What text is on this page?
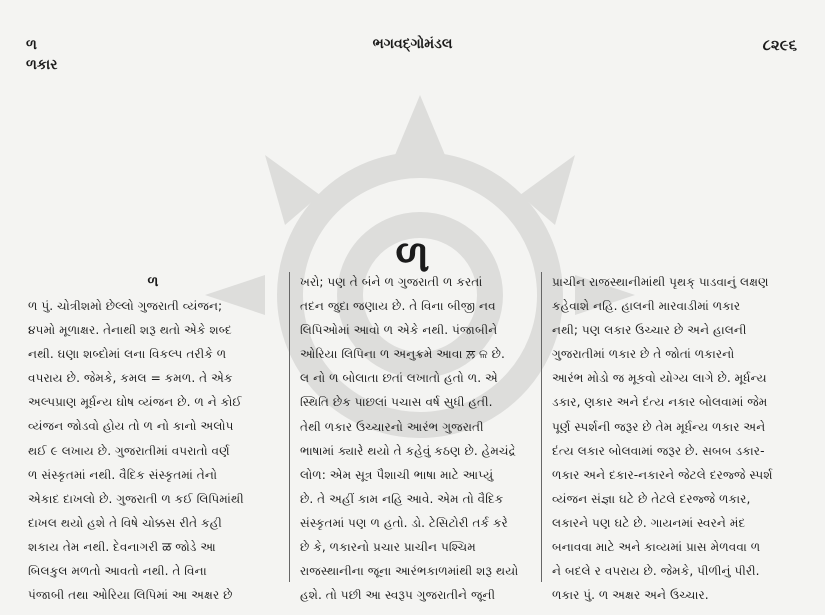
ળ
ળકાર
ભગવદ્ગોમંડલ	૮૨૯૬
ળ
ળ
ળ પું. ચોત્રીશમો છેલ્લો ગુજરાતી વ્યંજન;
૪૫મો મૂળાક્ષર. તેનાથી શરૂ થતો એકે શબ્દ
નથી. ઘણા શબ્દોમાં લના વિકલ્પ તરીકે ળ
વપરાય છે. જેમકે, કમલ = કમળ. તે એક
અલ્પપ્રાણ મૂર્ધન્ય ઘોષ વ્યંજન છે. ળ ને કોઈ
વ્યંજન જોડવો હોય તો ળ નો કાનો અલોપ
થઈ ૯ લખાય છે. ગુજરાતીમાં વપરાતો વર્ણ
ળ સંસ્કૃતમાં નથી. વૈદિક સંસ્કૃતમાં તેનો
એકાદ દાખલો છે. ગુજરાતી ળ કઈ લિપિમાંથી
દાખલ થયો હશે તે વિષે ચોક્કસ રીતે કહી
શકાય તેમ નથી. દેવનાગરી ळ જોડે આ
બિલકુલ મળતો આવતો નથી. તે વિના
પંજાબી તથા ઓરિયા લિપિમાં આ અક્ષર છે
ખરો; પણ તે બંને ળ ગુજરાતી ળ કરતાં
તદન જુદા જણાય છે. તે વિના બીજી નવ
લિપિઓમાં આવો ળ એકે નથી. પંજાબીને
ઓરિયા લિપિના ળ અનુક્રમે આવા ਲ਼ ଳ છે.
લ નો ળ બોલાતા છતાં લખાતો હતો ળ. એ
સ્થિતિ છેક પાછલાં પચાસ વર્ષ સુધી હતી.
તેથી ળકાર ઉચ્ચારનો આરંભ ગુજરાતી
ભાષામાં ક્યારે થયો તે કહેવું કઠણ છે. હેમચંદ્રે
લોળ: એમ સૂત્ર પૈશાચી ભાષા માટે આપ્યું
છે. તે અહીં કામ નહિ આવે. એમ તો વૈદિક
સંસ્કૃતમાં પણ ળ હતો. ડો. ટેસિટોરી તર્ક કરે
છે કે, ળકારનો પ્રચાર પ્રાચીન પશ્ચિમ
રાજસ્થાનીના જૂના આરંભકાળમાંથી શરૂ થયો
હશે. તો પછી આ સ્વરૂપ ગુજરાતીને જૂની
પ્રાચીન રાજસ્થાનીમાંથી પૃથક્ પાડવાનું લક્ષણ
કહેવાશે નહિ. હાલની મારવાડીમાં ળકાર
નથી; પણ લકાર ઉચ્ચાર છે અને હાલની
ગુજરાતીમાં ળકાર છે તે જોતાં ળકારનો
આરંભ મોડો જ મૂકવો યોગ્ય લાગે છે. મૂર્ધન્ય
ડકાર, ણકાર અને દંત્ય નકાર બોલવામાં જેમ
પૂર્ણ સ્પર્શની જરૂર છે તેમ મૂર્ધન્ય ળકાર અને
દંત્ય લકાર બોલવામાં જરૂર છે. સબબ ડકાર-
ળકાર અને દકાર-નકારને જેટલે દરજ્જે સ્પર્શ
વ્યંજન સંજ્ઞા ઘટે છે તેટલે દરજ્જે ળકાર,
લકારને પણ ઘટે છે. ગાયનમાં સ્વરને મંદ
બનાવવા માટે અને કાવ્યમાં પ્રાસ મેળવવા ળ
ને બદલે ર વપરાય છે. જેમકે, પીળીનું પીરી.
ળકાર પું. ળ અક્ષર અને ઉચ્ચાર.
